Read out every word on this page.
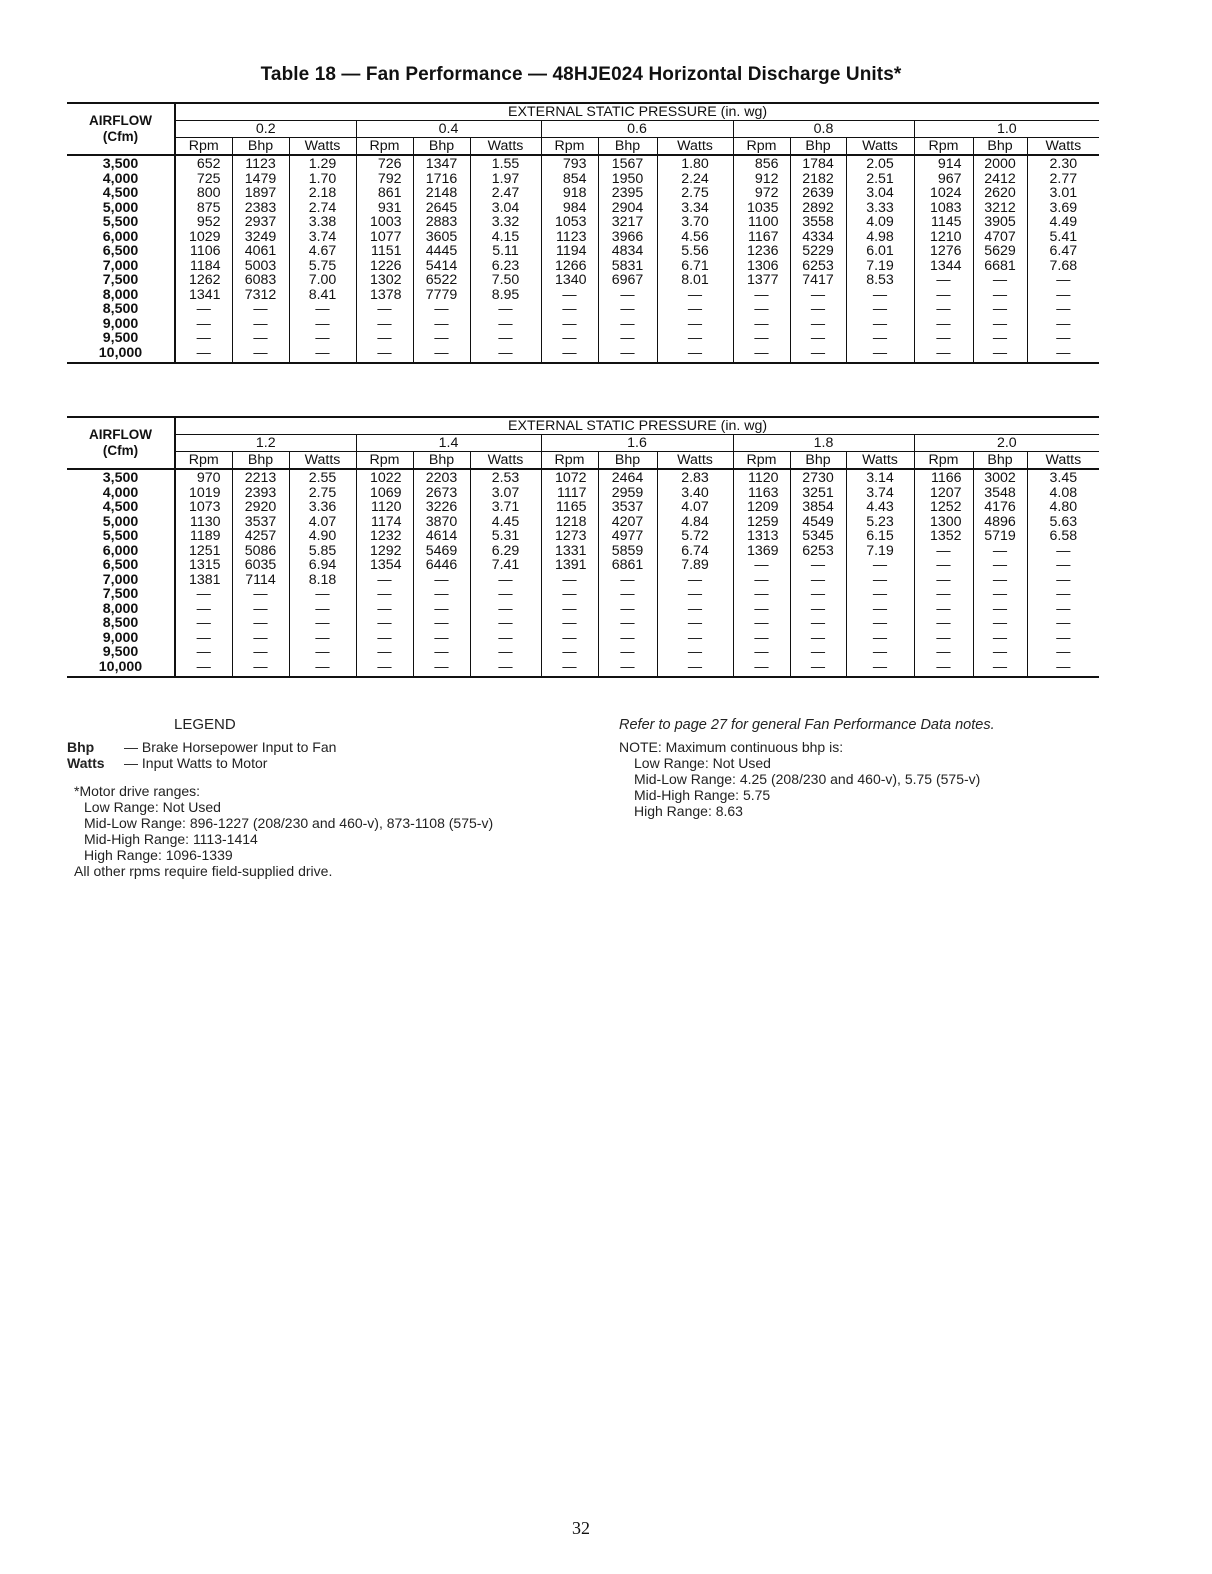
Table 18 — Fan Performance — 48HJE024 Horizontal Discharge Units*
AIRFLOW
(Cfm)	EXTERNAL STATIC PRESSURE (in. wg)														
	0.2			0.4			0.6			0.8			1.0		
	Rpm	Bhp	Watts	Rpm	Bhp	Watts	Rpm	Bhp	Watts	Rpm	Bhp	Watts	Rpm	Bhp	Watts
3,500	652	1123	1.29	726	1347	1.55	793	1567	1.80	856	1784	2.05	914	2000	2.30
4,000	725	1479	1.70	792	1716	1.97	854	1950	2.24	912	2182	2.51	967	2412	2.77
4,500	800	1897	2.18	861	2148	2.47	918	2395	2.75	972	2639	3.04	1024	2620	3.01
5,000	875	2383	2.74	931	2645	3.04	984	2904	3.34	1035	2892	3.33	1083	3212	3.69
5,500	952	2937	3.38	1003	2883	3.32	1053	3217	3.70	1100	3558	4.09	1145	3905	4.49
6,000	1029	3249	3.74	1077	3605	4.15	1123	3966	4.56	1167	4334	4.98	1210	4707	5.41
6,500	1106	4061	4.67	1151	4445	5.11	1194	4834	5.56	1236	5229	6.01	1276	5629	6.47
7,000	1184	5003	5.75	1226	5414	6.23	1266	5831	6.71	1306	6253	7.19	1344	6681	7.68
7,500	1262	6083	7.00	1302	6522	7.50	1340	6967	8.01	1377	7417	8.53	—	—	—
8,000	1341	7312	8.41	1378	7779	8.95	—	—	—	—	—	—	—	—	—
8,500	—	—	—	—	—	—	—	—	—	—	—	—	—	—	—
9,000	—	—	—	—	—	—	—	—	—	—	—	—	—	—	—
9,500	—	—	—	—	—	—	—	—	—	—	—	—	—	—	—
10,000	—	—	—	—	—	—	—	—	—	—	—	—	—	—	—
AIRFLOW
(Cfm)	EXTERNAL STATIC PRESSURE (in. wg)														
	1.2			1.4			1.6			1.8			2.0		
	Rpm	Bhp	Watts	Rpm	Bhp	Watts	Rpm	Bhp	Watts	Rpm	Bhp	Watts	Rpm	Bhp	Watts
3,500	970	2213	2.55	1022	2203	2.53	1072	2464	2.83	1120	2730	3.14	1166	3002	3.45
4,000	1019	2393	2.75	1069	2673	3.07	1117	2959	3.40	1163	3251	3.74	1207	3548	4.08
4,500	1073	2920	3.36	1120	3226	3.71	1165	3537	4.07	1209	3854	4.43	1252	4176	4.80
5,000	1130	3537	4.07	1174	3870	4.45	1218	4207	4.84	1259	4549	5.23	1300	4896	5.63
5,500	1189	4257	4.90	1232	4614	5.31	1273	4977	5.72	1313	5345	6.15	1352	5719	6.58
6,000	1251	5086	5.85	1292	5469	6.29	1331	5859	6.74	1369	6253	7.19	—	—	—
6,500	1315	6035	6.94	1354	6446	7.41	1391	6861	7.89	—	—	—	—	—	—
7,000	1381	7114	8.18	—	—	—	—	—	—	—	—	—	—	—	—
7,500	—	—	—	—	—	—	—	—	—	—	—	—	—	—	—
8,000	—	—	—	—	—	—	—	—	—	—	—	—	—	—	—
8,500	—	—	—	—	—	—	—	—	—	—	—	—	—	—	—
9,000	—	—	—	—	—	—	—	—	—	—	—	—	—	—	—
9,500	—	—	—	—	—	—	—	—	—	—	—	—	—	—	—
10,000	—	—	—	—	—	—	—	—	—	—	—	—	—	—	—
LEGEND
Bhp — Brake Horsepower Input to Fan
Watts — Input Watts to Motor
*Motor drive ranges:
Low Range: Not Used
Mid-Low Range: 896-1227 (208/230 and 460-v), 873-1108 (575-v)
Mid-High Range: 1113-1414
High Range: 1096-1339
All other rpms require field-supplied drive.
Refer to page 27 for general Fan Performance Data notes.
NOTE: Maximum continuous bhp is:
Low Range: Not Used
Mid-Low Range: 4.25 (208/230 and 460-v), 5.75 (575-v)
Mid-High Range: 5.75
High Range: 8.63
32
